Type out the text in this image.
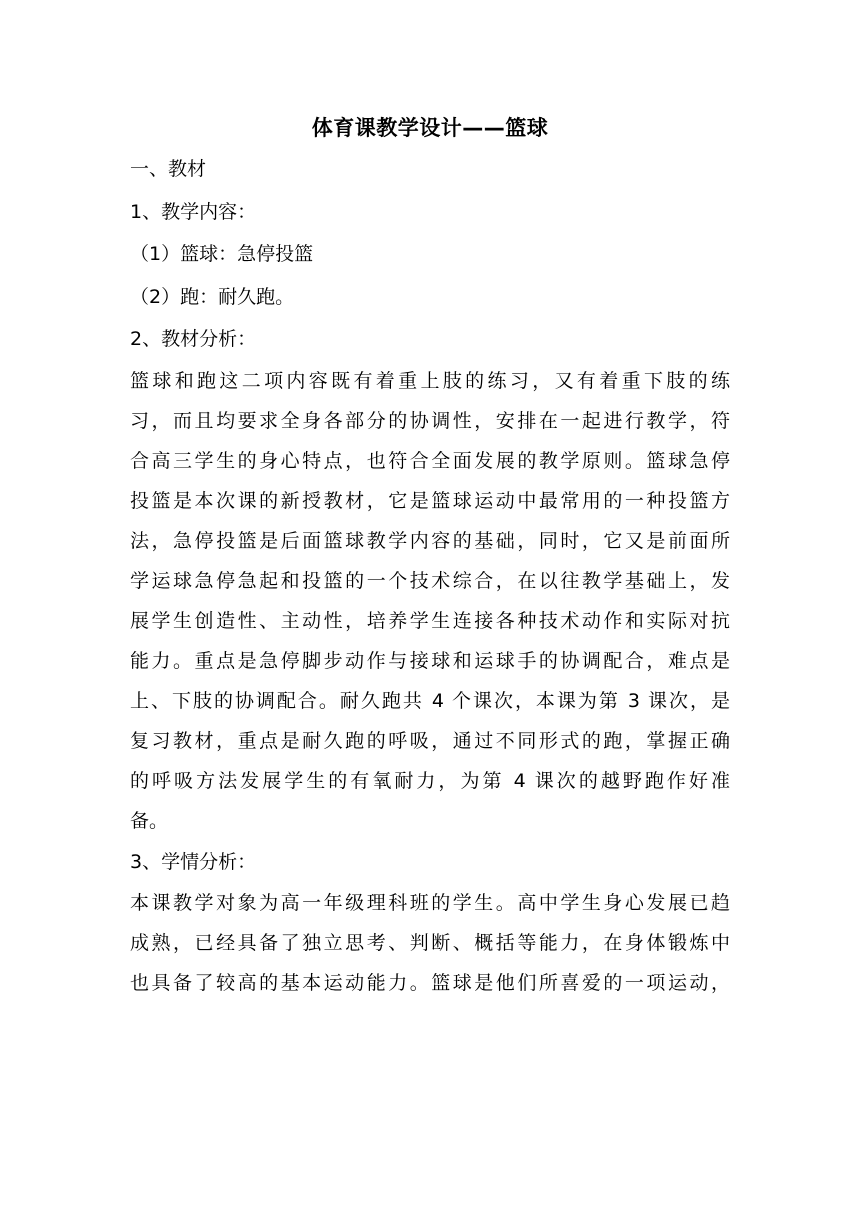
体育课教学设计——篮球

一、教材

1、教学内容：

（1）篮球：急停投篮

（2）跑：耐久跑。

2、教材分析：

篮球和跑这二项内容既有着重上肢的练习，又有着重下肢的练
习，而且均要求全身各部分的协调性，安排在一起进行教学，符
合高三学生的身心特点，也符合全面发展的教学原则。篮球急停
投篮是本次课的新授教材，它是篮球运动中最常用的一种投篮方
法，急停投篮是后面篮球教学内容的基础，同时，它又是前面所
学运球急停急起和投篮的一个技术综合，在以往教学基础上，发
展学生创造性、主动性，培养学生连接各种技术动作和实际对抗
能力。重点是急停脚步动作与接球和运球手的协调配合，难点是
上、下肢的协调配合。耐久跑共 4 个课次，本课为第 3 课次，是
复习教材，重点是耐久跑的呼吸，通过不同形式的跑，掌握正确
的呼吸方法发展学生的有氧耐力，为第 4 课次的越野跑作好准
备。

3、学情分析：

本课教学对象为高一年级理科班的学生。高中学生身心发展已趋
成熟，已经具备了独立思考、判断、概括等能力，在身体锻炼中
也具备了较高的基本运动能力。篮球是他们所喜爱的一项运动，
